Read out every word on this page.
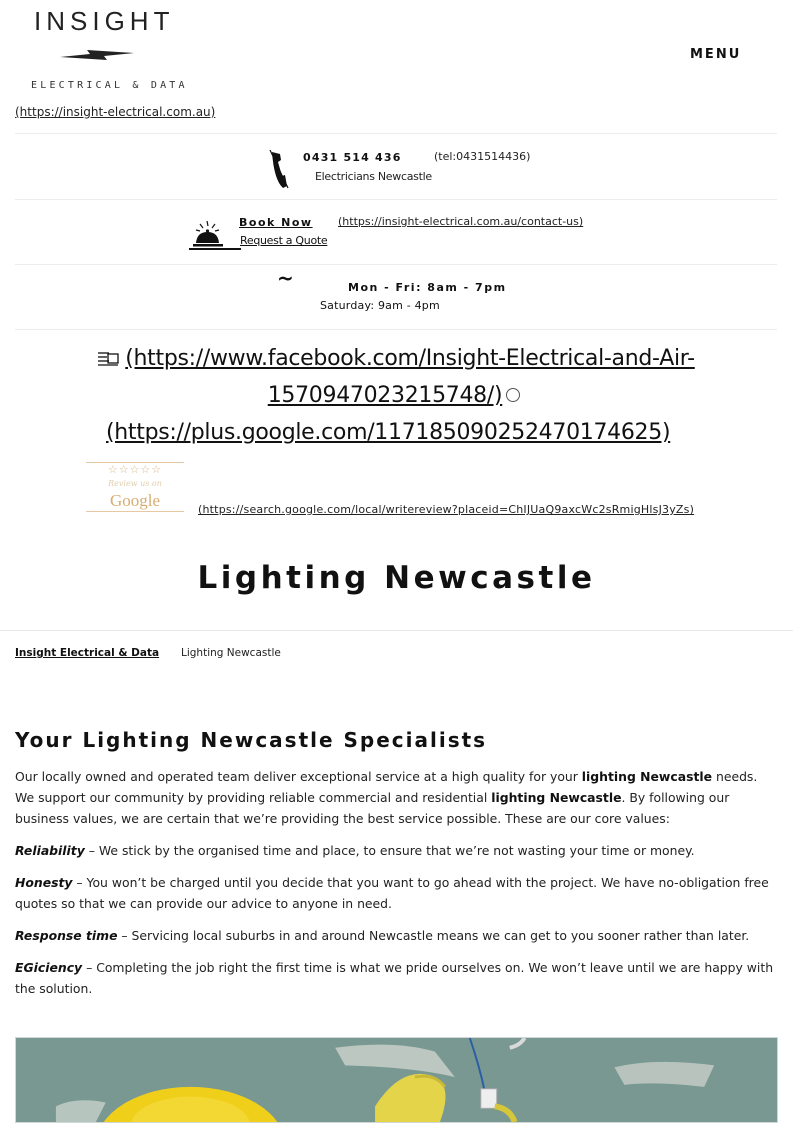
INSIGHT
ELECTRICAL & DATA
MENU
(https://insight-electrical.com.au)
0431 514 436	(tel:0431514436)
Electricians Newcastle
Book Now (https://insight-electrical.com.au/contact-us)
Request a Quote
~	Mon - Fri: 8am - 7pm
Saturday: 9am - 4pm
(https://www.facebook.com/Insight-Electrical-and-Air-
1570947023215748/)
(https://plus.google.com/117185090252470174625)
☆☆☆☆☆
Review us on
Google	(https://search.google.com/local/writereview?placeid=ChIJUaQ9axcWc2sRmigHlsJ3yZs)
Lighting Newcastle
Insight Electrical & Data Lighting Newcastle
Your Lighting Newcastle Specialists

Our locally owned and operated team deliver exceptional service at a high quality for your lighting Newcastle needs. We support our community by providing reliable commercial and residential lighting Newcastle. By following our business values, we are certain that we’re providing the best service possible. These are our core values:

Reliability – We stick by the organised time and place, to ensure that we’re not wasting your time or money.

Honesty – You won’t be charged until you decide that you want to go ahead with the project. We have no-obligation free quotes so that we can provide our advice to anyone in need.

Response time – Servicing local suburbs in and around Newcastle means we can get to you sooner rather than later.

EGiciency – Completing the job right the first time is what we pride ourselves on. We won’t leave until we are happy with the solution.
